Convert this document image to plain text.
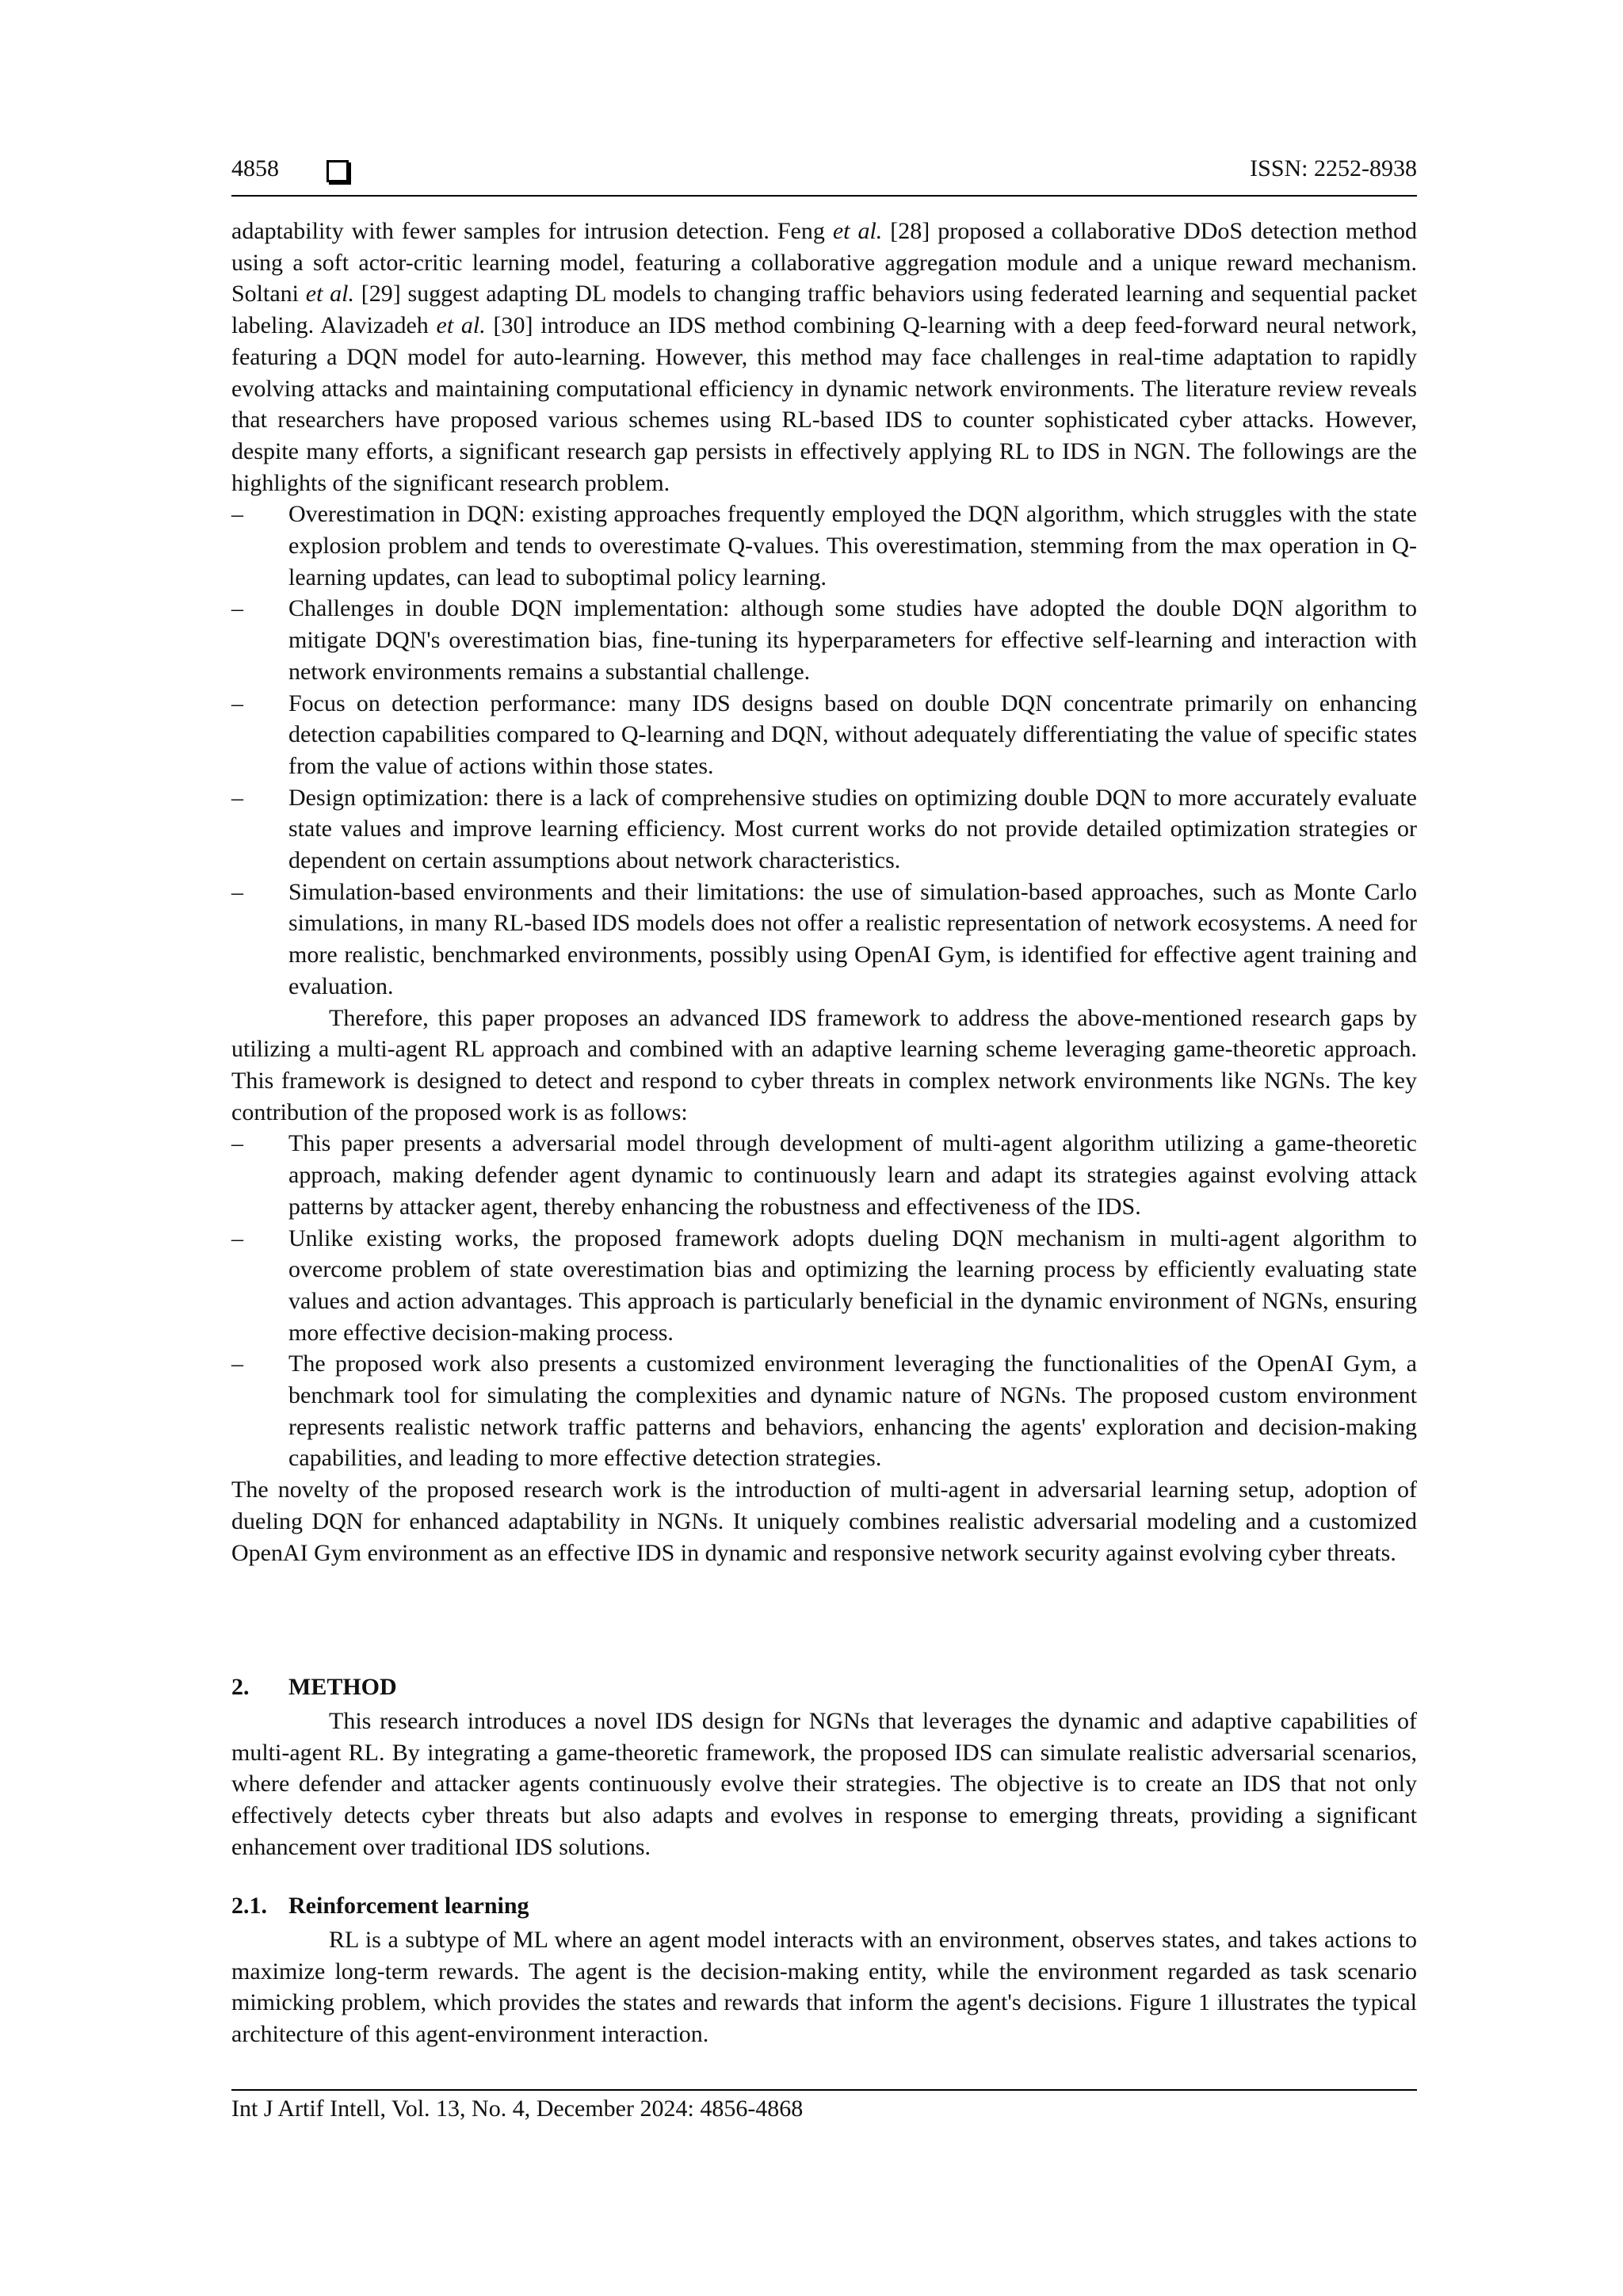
4858	ISSN: 2252-8938

adaptability with fewer samples for intrusion detection. Feng et al. [28] proposed a collaborative DDoS detection method using a soft actor-critic learning model, featuring a collaborative aggregation module and a unique reward mechanism. Soltani et al. [29] suggest adapting DL models to changing traffic behaviors using federated learning and sequential packet labeling. Alavizadeh et al. [30] introduce an IDS method combining Q-learning with a deep feed-forward neural network, featuring a DQN model for auto-learning. However, this method may face challenges in real-time adaptation to rapidly evolving attacks and maintaining computational efficiency in dynamic network environments. The literature review reveals that researchers have proposed various schemes using RL-based IDS to counter sophisticated cyber attacks. However, despite many efforts, a significant research gap persists in effectively applying RL to IDS in NGN. The followings are the highlights of the significant research problem.

– Overestimation in DQN: existing approaches frequently employed the DQN algorithm, which struggles with the state explosion problem and tends to overestimate Q-values. This overestimation, stemming from the max operation in Q-learning updates, can lead to suboptimal policy learning.
– Challenges in double DQN implementation: although some studies have adopted the double DQN algorithm to mitigate DQN's overestimation bias, fine-tuning its hyperparameters for effective self-learning and interaction with network environments remains a substantial challenge.
– Focus on detection performance: many IDS designs based on double DQN concentrate primarily on enhancing detection capabilities compared to Q-learning and DQN, without adequately differentiating the value of specific states from the value of actions within those states.
– Design optimization: there is a lack of comprehensive studies on optimizing double DQN to more accurately evaluate state values and improve learning efficiency. Most current works do not provide detailed optimization strategies or dependent on certain assumptions about network characteristics.
– Simulation-based environments and their limitations: the use of simulation-based approaches, such as Monte Carlo simulations, in many RL-based IDS models does not offer a realistic representation of network ecosystems. A need for more realistic, benchmarked environments, possibly using OpenAI Gym, is identified for effective agent training and evaluation.

Therefore, this paper proposes an advanced IDS framework to address the above-mentioned research gaps by utilizing a multi-agent RL approach and combined with an adaptive learning scheme leveraging game-theoretic approach. This framework is designed to detect and respond to cyber threats in complex network environments like NGNs. The key contribution of the proposed work is as follows:

– This paper presents a adversarial model through development of multi-agent algorithm utilizing a game-theoretic approach, making defender agent dynamic to continuously learn and adapt its strategies against evolving attack patterns by attacker agent, thereby enhancing the robustness and effectiveness of the IDS.
– Unlike existing works, the proposed framework adopts dueling DQN mechanism in multi-agent algorithm to overcome problem of state overestimation bias and optimizing the learning process by efficiently evaluating state values and action advantages. This approach is particularly beneficial in the dynamic environment of NGNs, ensuring more effective decision-making process.
– The proposed work also presents a customized environment leveraging the functionalities of the OpenAI Gym, a benchmark tool for simulating the complexities and dynamic nature of NGNs. The proposed custom environment represents realistic network traffic patterns and behaviors, enhancing the agents' exploration and decision-making capabilities, and leading to more effective detection strategies.

The novelty of the proposed research work is the introduction of multi-agent in adversarial learning setup, adoption of dueling DQN for enhanced adaptability in NGNs. It uniquely combines realistic adversarial modeling and a customized OpenAI Gym environment as an effective IDS in dynamic and responsive network security against evolving cyber threats.

2. METHOD

This research introduces a novel IDS design for NGNs that leverages the dynamic and adaptive capabilities of multi-agent RL. By integrating a game-theoretic framework, the proposed IDS can simulate realistic adversarial scenarios, where defender and attacker agents continuously evolve their strategies. The objective is to create an IDS that not only effectively detects cyber threats but also adapts and evolves in response to emerging threats, providing a significant enhancement over traditional IDS solutions.

2.1. Reinforcement learning

RL is a subtype of ML where an agent model interacts with an environment, observes states, and takes actions to maximize long-term rewards. The agent is the decision-making entity, while the environment regarded as task scenario mimicking problem, which provides the states and rewards that inform the agent's decisions. Figure 1 illustrates the typical architecture of this agent-environment interaction.

Int J Artif Intell, Vol. 13, No. 4, December 2024: 4856-4868
